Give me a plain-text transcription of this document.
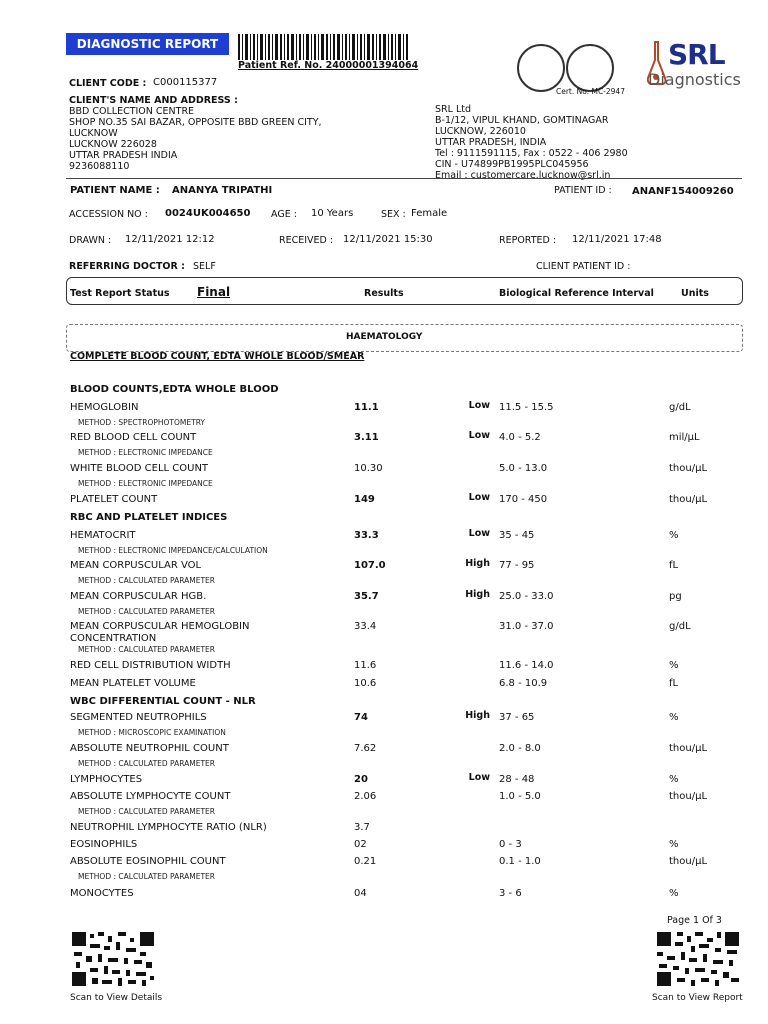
DIAGNOSTIC REPORT
Patient Ref. No. 24000001394064
Cert. No. MC-2947
SRL
Diagnostics
CLIENT CODE : C000115377
CLIENT'S NAME AND ADDRESS :
BBD COLLECTION CENTRE
SHOP NO.35 SAI BAZAR, OPPOSITE BBD GREEN CITY,
LUCKNOW
LUCKNOW 226028
UTTAR PRADESH INDIA
9236088110
SRL Ltd
B-1/12, VIPUL KHAND, GOMTINAGAR
LUCKNOW, 226010
UTTAR PRADESH, INDIA
Tel : 9111591115, Fax : 0522 - 406 2980
CIN - U74899PB1995PLC045956
Email : customercare.lucknow@srl.in
PATIENT NAME : ANANYA TRIPATHI	PATIENT ID : ANANF154009260
ACCESSION NO : 0024UK004650 AGE : 10 Years	SEX : Female
DRAWN : 12/11/2021 12:12	RECEIVED : 12/11/2021 15:30	REPORTED : 12/11/2021 17:48
REFERRING DOCTOR : SELF	CLIENT PATIENT ID :
Test Report Status Final	Results	Biological Reference Interval	Units
HAEMATOLOGY
COMPLETE BLOOD COUNT, EDTA WHOLE BLOOD/SMEAR
BLOOD COUNTS,EDTA WHOLE BLOOD
RBC AND PLATELET INDICES
WBC DIFFERENTIAL COUNT - NLR
HEMOGLOBIN	11.1	Low 11.5 - 15.5	g/dL
METHOD : SPECTROPHOTOMETRY
RED BLOOD CELL COUNT	3.11	Low 4.0 - 5.2	mil/µL
METHOD : ELECTRONIC IMPEDANCE
WHITE BLOOD CELL COUNT	10.30	5.0 - 13.0	thou/µL
METHOD : ELECTRONIC IMPEDANCE
PLATELET COUNT	149	Low 170 - 450	thou/µL
HEMATOCRIT	33.3	Low 35 - 45	%
METHOD : ELECTRONIC IMPEDANCE/CALCULATION
MEAN CORPUSCULAR VOL	107.0	High 77 - 95	fL
METHOD : CALCULATED PARAMETER
MEAN CORPUSCULAR HGB.	35.7	High 25.0 - 33.0	pg
METHOD : CALCULATED PARAMETER
MEAN CORPUSCULAR HEMOGLOBIN
CONCENTRATION
33.4	31.0 - 37.0	g/dL
METHOD : CALCULATED PARAMETER
RED CELL DISTRIBUTION WIDTH	11.6	11.6 - 14.0	%
MEAN PLATELET VOLUME	10.6	6.8 - 10.9	fL
SEGMENTED NEUTROPHILS	74	High 37 - 65	%
METHOD : MICROSCOPIC EXAMINATION
ABSOLUTE NEUTROPHIL COUNT	7.62	2.0 - 8.0	thou/µL
METHOD : CALCULATED PARAMETER
LYMPHOCYTES	20	Low 28 - 48	%
ABSOLUTE LYMPHOCYTE COUNT	2.06	1.0 - 5.0	thou/µL
METHOD : CALCULATED PARAMETER
NEUTROPHIL LYMPHOCYTE RATIO (NLR)	3.7
EOSINOPHILS	02	0 - 3	%
ABSOLUTE EOSINOPHIL COUNT	0.21	0.1 - 1.0	thou/µL
METHOD : CALCULATED PARAMETER
MONOCYTES	04	3 - 6	%
Page 1 Of 3
Scan to View Details	Scan to View Report
